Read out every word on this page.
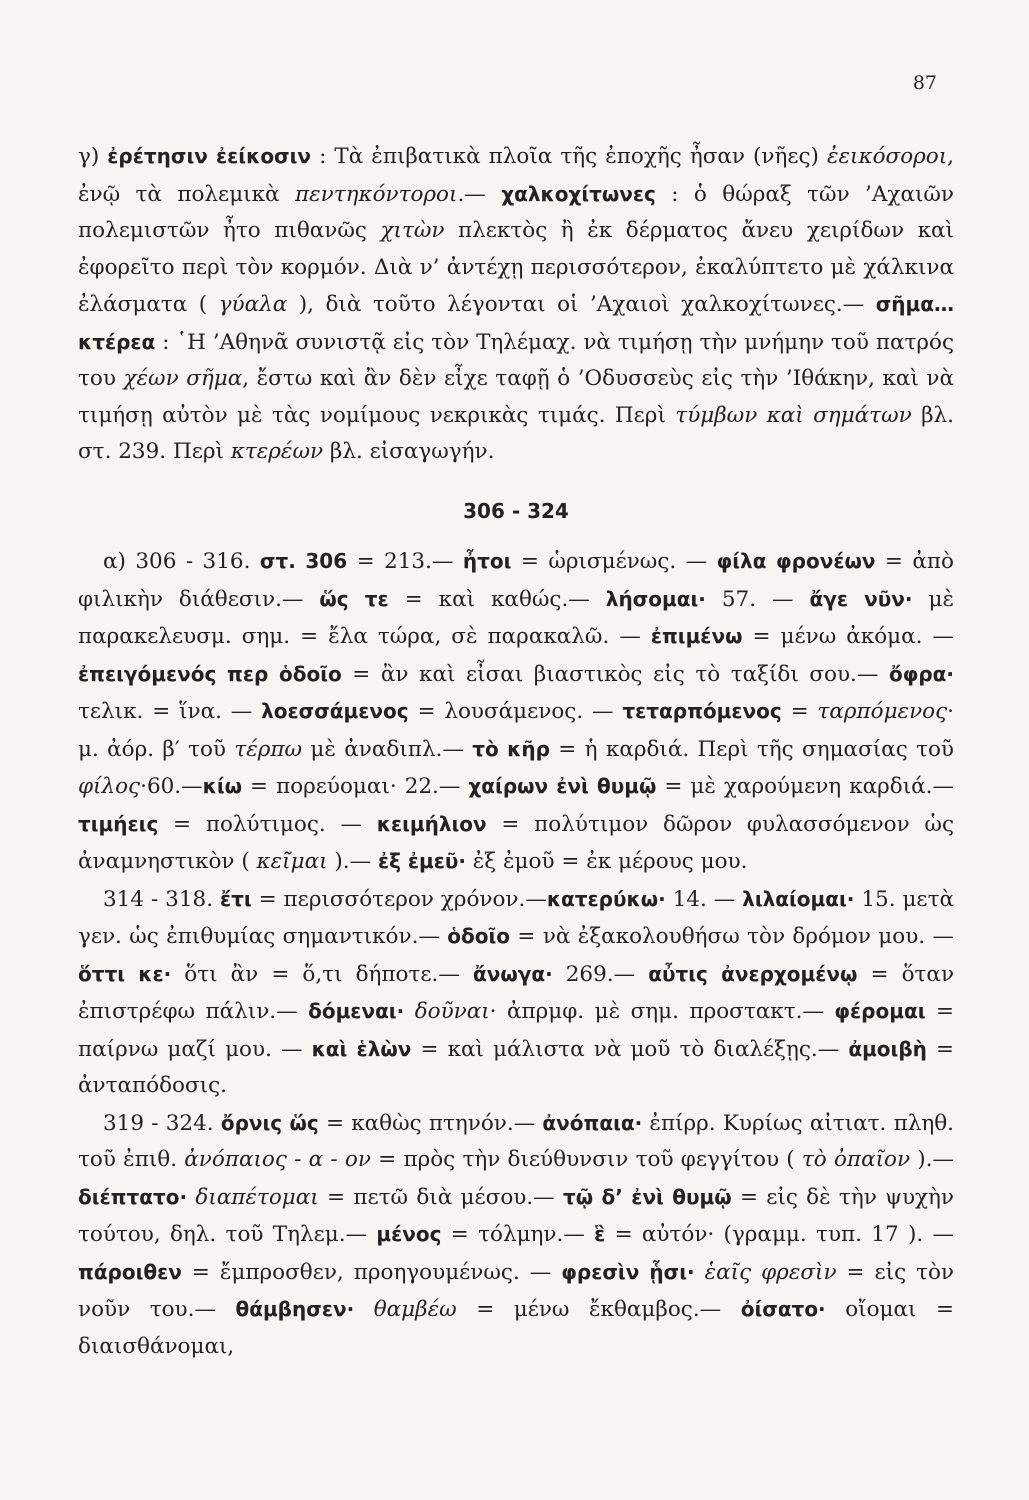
87

γ) ἐρέτησιν ἐείκοσιν : Τὰ ἐπιβατικὰ πλοῖα τῆς ἐποχῆς ἦσαν (νῆες) ἐεικόσοροι, ἐνῷ τὰ πολεμικὰ πεντηκόντοροι.— χαλκοχίτωνες : ὁ θώραξ τῶν ’Αχαιῶν πολεμιστῶν ἦτο πιθανῶς χιτὼν πλεκτὸς ἢ ἐκ δέρματος ἄνευ χειρίδων καὶ ἐφορεῖτο περὶ τὸν κορμόν. Διὰ ν’ ἀντέχῃ περισσότερον, ἐκαλύπτετο μὲ χάλκινα ἐλάσματα ( γύαλα ), διὰ τοῦτο λέγονται οἱ ’Αχαιοὶ χαλκοχίτωνες.— σῆμα… κτέρεα : ῾Η ’Αθηνᾶ συνιστᾷ εἰς τὸν Τηλέμαχ. νὰ τιμήσῃ τὴν μνήμην τοῦ πατρός του χέων σῆμα, ἔστω καὶ ἂν δὲν εἶχε ταφῇ ὁ ’Οδυσσεὺς εἰς τὴν ’Ιθάκην, καὶ νὰ τιμήσῃ αὐτὸν μὲ τὰς νομίμους νεκρικὰς τιμάς. Περὶ τύμβων καὶ σημάτων βλ. στ. 239. Περὶ κτερέων βλ. εἰσαγωγήν.

306 - 324

α) 306 - 316. στ. 306 = 213.— ἦτοι = ὡρισμένως. — φίλα φρονέων = ἀπὸ φιλικὴν διάθεσιν.— ὥς τε = καὶ καθώς.— λήσομαι· 57. — ἄγε νῦν· μὲ παρακελευσμ. σημ. = ἔλα τώρα, σὲ παρακαλῶ. — ἐπιμένω = μένω ἀκόμα. — ἐπειγόμενός περ ὁδοῖο = ἂν καὶ εἶσαι βιαστικὸς εἰς τὸ ταξίδι σου.— ὄφρα· τελικ. = ἵνα. — λοεσσάμενος = λουσάμενος. — τεταρπόμενος = ταρπόμενος· μ. ἀόρ. β′ τοῦ τέρπω μὲ ἀναδιπλ.— τὸ κῆρ = ἡ καρδιά. Περὶ τῆς σημασίας τοῦ φίλος·60.—κίω = πορεύομαι· 22.— χαίρων ἐνὶ θυμῷ = μὲ χαρούμενη καρδιά.— τιμήεις = πολύτιμος. — κειμήλιον = πολύτιμον δῶρον φυλασσόμενον ὡς ἀναμνηστικὸν ( κεῖμαι ).— ἐξ ἐμεῦ· ἐξ ἐμοῦ = ἐκ μέρους μου.

314 - 318. ἔτι = περισσότερον χρόνον.—κατερύκω· 14. — λιλαίομαι· 15. μετὰ γεν. ὡς ἐπιθυμίας σημαντικόν.— ὁδοῖο = νὰ ἐξακολουθήσω τὸν δρόμον μου. —ὅττι κε· ὅτι ἂν = ὅ,τι δήποτε.— ἄνωγα· 269.— αὖτις ἀνερχομένῳ = ὅταν ἐπιστρέφω πάλιν.— δόμεναι· δοῦναι· ἀπρμφ. μὲ σημ. προστακτ.— φέρομαι = παίρνω μαζί μου. — καὶ ἑλὼν = καὶ μάλιστα νὰ μοῦ τὸ διαλέξῃς.— ἀμοιβὴ = ἀνταπόδοσις.

319 - 324. ὄρνις ὥς = καθὼς πτηνόν.— ἀνόπαια· ἐπίρρ. Κυρίως αἰτιατ. πληθ. τοῦ ἐπιθ. ἀνόπαιος - α - ον = πρὸς τὴν διεύθυνσιν τοῦ φεγγίτου ( τὸ ὀπαῖον ).— διέπτατο· διαπέτομαι = πετῶ διὰ μέσου.— τῷ δ’ ἐνὶ θυμῷ = εἰς δὲ τὴν ψυχὴν τούτου, δηλ. τοῦ Τηλεμ.— μένος = τόλμην.— ἓ = αὐτόν· (γραμμ. τυπ. 17 ). — πάροιθεν = ἔμπροσθεν, προηγουμένως. — φρεσὶν ᾗσι· ἑαῖς φρεσὶν = εἰς τὸν νοῦν του.— θάμβησεν· θαμβέω = μένω ἔκθαμβος.— ὀίσατο· οἴομαι = διαισθάνομαι,
